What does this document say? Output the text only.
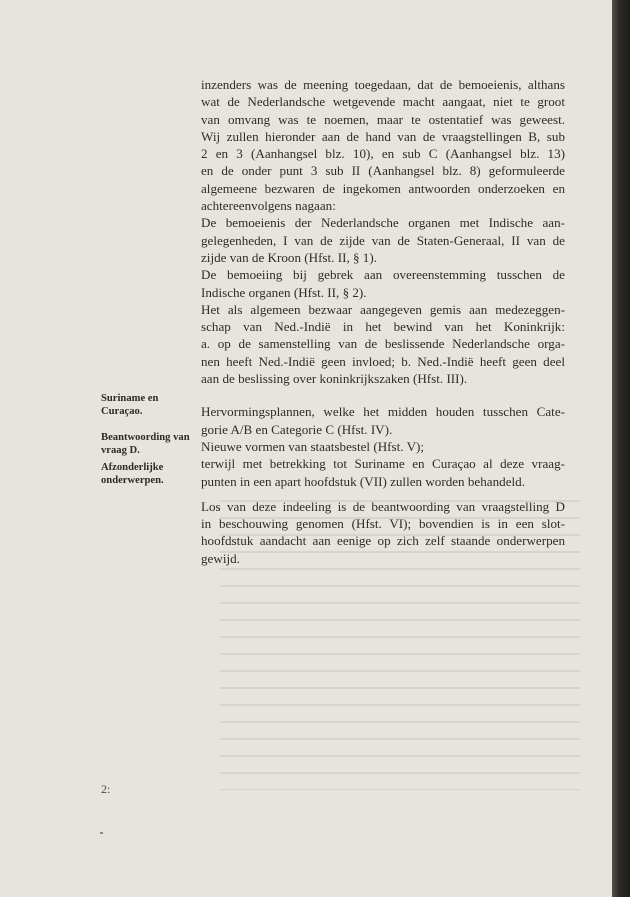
inzenders was de meening toegedaan, dat de bemoeienis, althans
wat de Nederlandsche wetgevende macht aangaat, niet te groot
van omvang was te noemen, maar te ostentatief was geweest.
Wij zullen hieronder aan de hand van de vraagstellingen B, sub
2 en 3 (Aanhangsel blz. 10), en sub C (Aanhangsel blz. 13)
en de onder punt 3 sub II (Aanhangsel blz. 8) geformuleerde
algemeene bezwaren de ingekomen antwoorden onderzoeken en
achtereenvolgens nagaan:
De bemoeienis der Nederlandsche organen met Indische aan-
gelegenheden, I van de zijde van de Staten-Generaal, II van de
zijde van de Kroon (Hfst. II, § 1).
De bemoeiing bij gebrek aan overeenstemming tusschen de
Indische organen (Hfst. II, § 2).
Het als algemeen bezwaar aangegeven gemis aan medezeggen-
schap van Ned.-Indië in het bewind van het Koninkrijk:
a. op de samenstelling van de beslissende Nederlandsche orga-
nen heeft Ned.-Indië geen invloed; b. Ned.-Indië heeft geen deel
aan de beslissing over koninkrijkszaken (Hfst. III).
Hervormingsplannen, welke het midden houden tusschen Cate-
gorie A/B en Categorie C (Hfst. IV).
Nieuwe vormen van staatsbestel (Hfst. V);
terwijl met betrekking tot Suriname en Curaçao al deze vraag-
punten in een apart hoofdstuk (VII) zullen worden behandeld.
Los van deze indeeling is de beantwoording van vraagstelling D
in beschouwing genomen (Hfst. VI); bovendien is in een slot-
hoofdstuk aandacht aan eenige op zich zelf staande onderwerpen
gewijd.
Suriname en
Curaçao.
Beantwoording van
vraag D.
Afzonderlijke
onderwerpen.
2:
